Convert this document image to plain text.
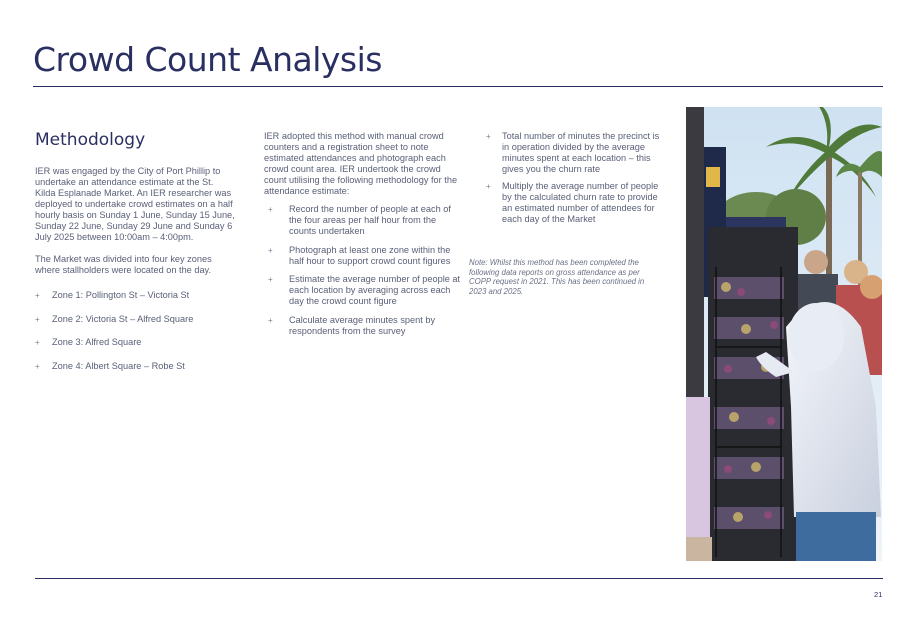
Crowd Count Analysis
Methodology

IER was engaged by the City of Port Phillip to undertake an attendance estimate at the St. Kilda Esplanade Market. An IER researcher was deployed to undertake crowd estimates on a half hourly basis on Sunday 1 June, Sunday 15 June, Sunday 22 June, Sunday 29 June and Sunday 6 July 2025 between 10:00am – 4:00pm.

The Market was divided into four key zones where stallholders were located on the day.

+ Zone 1: Pollington St – Victoria St
+ Zone 2: Victoria St – Alfred Square
+ Zone 3: Alfred Square
+ Zone 4: Albert Square – Robe St

IER adopted this method with manual crowd counters and a registration sheet to note estimated attendances and photograph each crowd count area. IER undertook the crowd count utilising the following methodology for the attendance estimate:

+ Record the number of people at each of the four areas per half hour from the counts undertaken
+ Photograph at least one zone within the half hour to support crowd count figures
+ Estimate the average number of people at each location by averaging across each day the crowd count figure
+ Calculate average minutes spent by respondents from the survey
+ Total number of minutes the precinct is in operation divided by the average minutes spent at each location – this gives you the churn rate
+ Multiply the average number of people by the calculated churn rate to provide an estimated number of attendees for each day of the Market
Note: Whilst this method has been completed the following data reports on gross attendance as per COPP request in 2021. This has been continued in 2023 and 2025.
21
